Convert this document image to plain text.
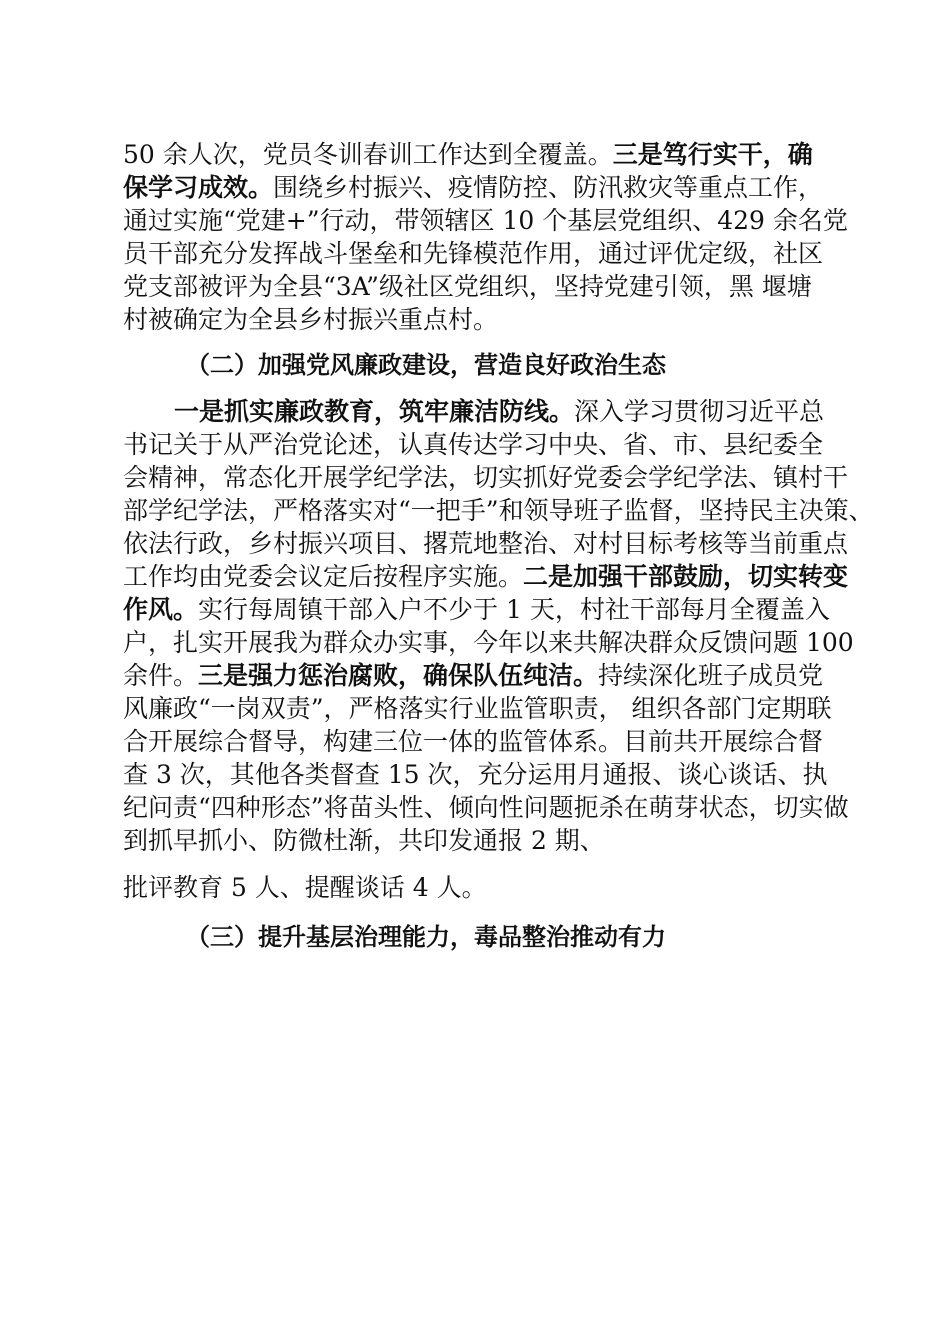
50 余人次，党员冬训春训工作达到全覆盖。三是笃行实干，确
保学习成效。围绕乡村振兴、疫情防控、防汛救灾等重点工作，
通过实施“党建+”行动，带领辖区 10 个基层党组织、429 余名党
员干部充分发挥战斗堡垒和先锋模范作用，通过评优定级，社区
党支部被评为全县“3A”级社区党组织，坚持党建引领，黑 堰塘
村被确定为全县乡村振兴重点村。
（二）加强党风廉政建设，营造良好政治生态
一是抓实廉政教育，筑牢廉洁防线。深入学习贯彻习近平总
书记关于从严治党论述，认真传达学习中央、省、市、县纪委全
会精神，常态化开展学纪学法，切实抓好党委会学纪学法、镇村干
部学纪学法，严格落实对“一把手”和领导班子监督，坚持民主决策、
依法行政，乡村振兴项目、撂荒地整治、对村目标考核等当前重点
工作均由党委会议定后按程序实施。二是加强干部鼓励，切实转变
作风。实行每周镇干部入户不少于 1 天，村社干部每月全覆盖入
户，扎实开展我为群众办实事，今年以来共解决群众反馈问题 100
余件。三是强力惩治腐败，确保队伍纯洁。持续深化班子成员党
风廉政“一岗双责”，严格落实行业监管职责， 组织各部门定期联
合开展综合督导，构建三位一体的监管体系。目前共开展综合督
查 3 次，其他各类督查 15 次，充分运用月通报、谈心谈话、执
纪问责“四种形态”将苗头性、倾向性问题扼杀在萌芽状态，切实做
到抓早抓小、防微杜渐，共印发通报 2 期、
批评教育 5 人、提醒谈话 4 人。
（三）提升基层治理能力，毒品整治推动有力
